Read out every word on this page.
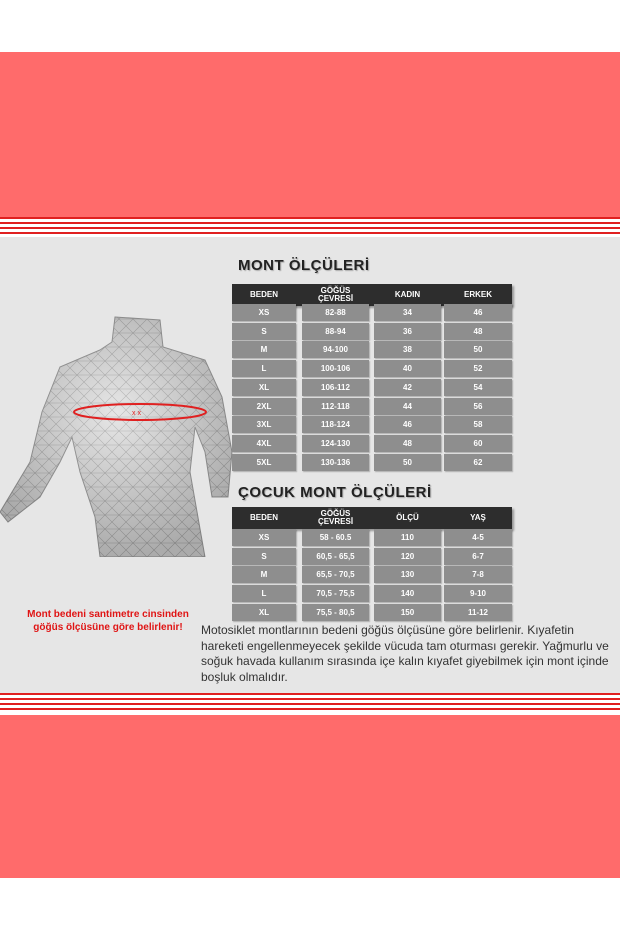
x x
MONT ÖLÇÜLERİ
BEDEN	GÖĞÜS ÇEVRESİ	KADIN	ERKEK
XS	82-88	34	46
S	88-94	36	48
M	94-100	38	50
L	100-106	40	52
XL	106-112	42	54
2XL	112-118	44	56
3XL	118-124	46	58
4XL	124-130	48	60
5XL	130-136	50	62
ÇOCUK MONT ÖLÇÜLERİ
BEDEN	GÖĞÜS ÇEVRESİ	ÖLÇÜ	YAŞ
XS	58 - 60.5	110	4-5
S	60,5 - 65,5	120	6-7
M	65,5 - 70,5	130	7-8
L	70,5 - 75,5	140	9-10
XL	75,5 - 80,5	150	11-12
Mont bedeni santimetre cinsinden
göğüs ölçüsüne göre belirlenir!	Motosiklet montlarının bedeni göğüs ölçüsüne göre belirlenir. Kıyafetin hareketi engellenmeyecek şekilde vücuda tam oturması gerekir. Yağmurlu ve soğuk havada kullanım sırasında içe kalın kıyafet giyebilmek için mont içinde boşluk olmalıdır.
